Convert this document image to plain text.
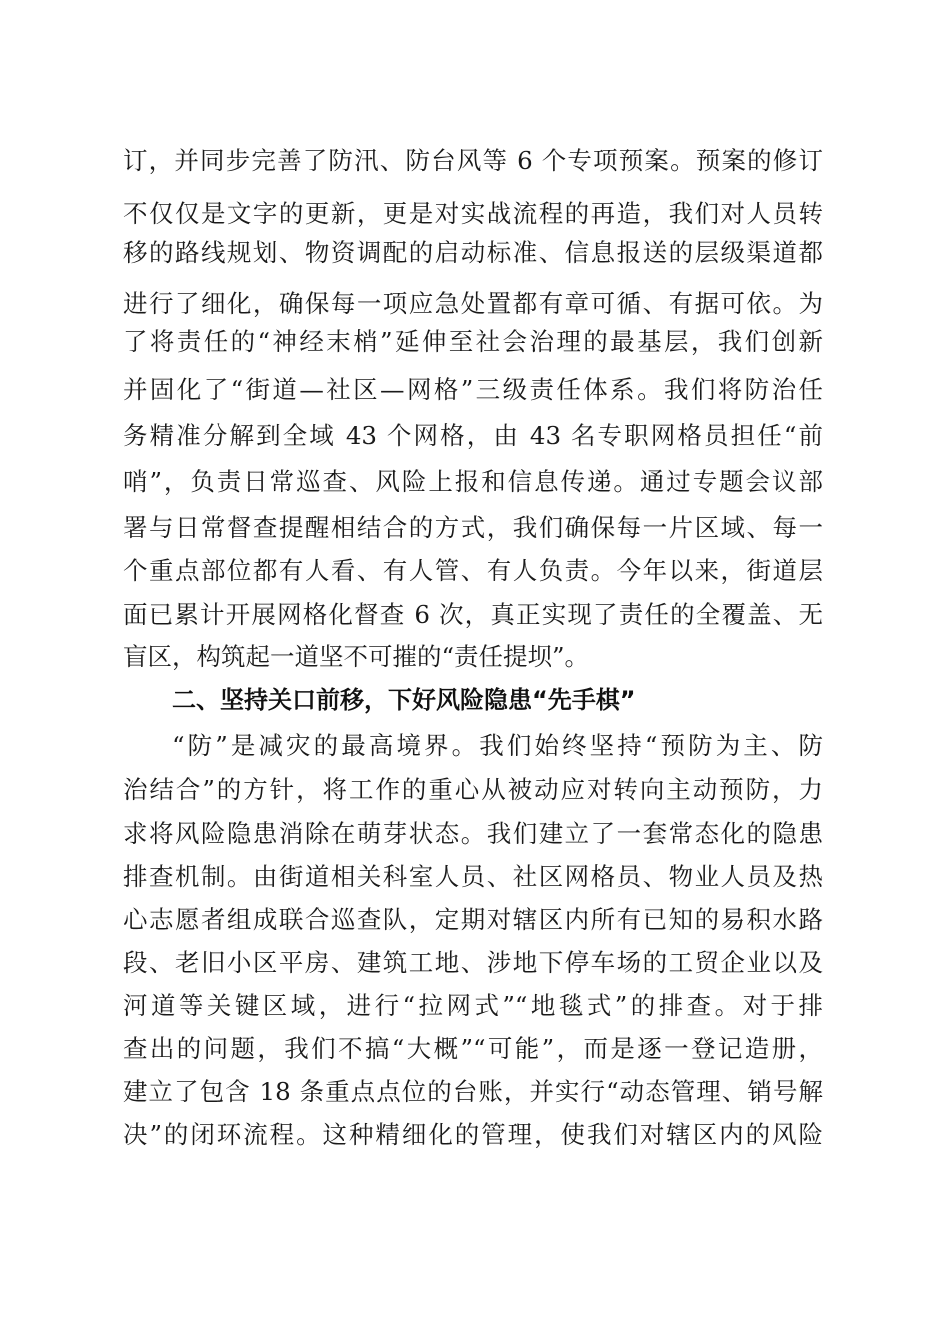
订，并同步完善了防汛、防台风等 6 个专项预案。预案的修订
不仅仅是文字的更新，更是对实战流程的再造，我们对人员转
移的路线规划、物资调配的启动标准、信息报送的层级渠道都
进行了细化，确保每一项应急处置都有章可循、有据可依。为
了将责任的“神经末梢”延伸至社会治理的最基层，我们创新
并固化了“街道—社区—网格”三级责任体系。我们将防治任
务精准分解到全域 43 个网格，由 43 名专职网格员担任“前
哨”，负责日常巡查、风险上报和信息传递。通过专题会议部
署与日常督查提醒相结合的方式，我们确保每一片区域、每一
个重点部位都有人看、有人管、有人负责。今年以来，街道层
面已累计开展网格化督查 6 次，真正实现了责任的全覆盖、无
盲区，构筑起一道坚不可摧的“责任提坝”。
二、坚持关口前移，下好风险隐患“先手棋”
“防”是减灾的最高境界。我们始终坚持“预防为主、防
治结合”的方针，将工作的重心从被动应对转向主动预防，力
求将风险隐患消除在萌芽状态。我们建立了一套常态化的隐患
排查机制。由街道相关科室人员、社区网格员、物业人员及热
心志愿者组成联合巡查队，定期对辖区内所有已知的易积水路
段、老旧小区平房、建筑工地、涉地下停车场的工贸企业以及
河道等关键区域，进行“拉网式”“地毯式”的排查。对于排
查出的问题，我们不搞“大概”“可能”，而是逐一登记造册，
建立了包含 18 条重点点位的台账，并实行“动态管理、销号解
决”的闭环流程。这种精细化的管理，使我们对辖区内的风险
